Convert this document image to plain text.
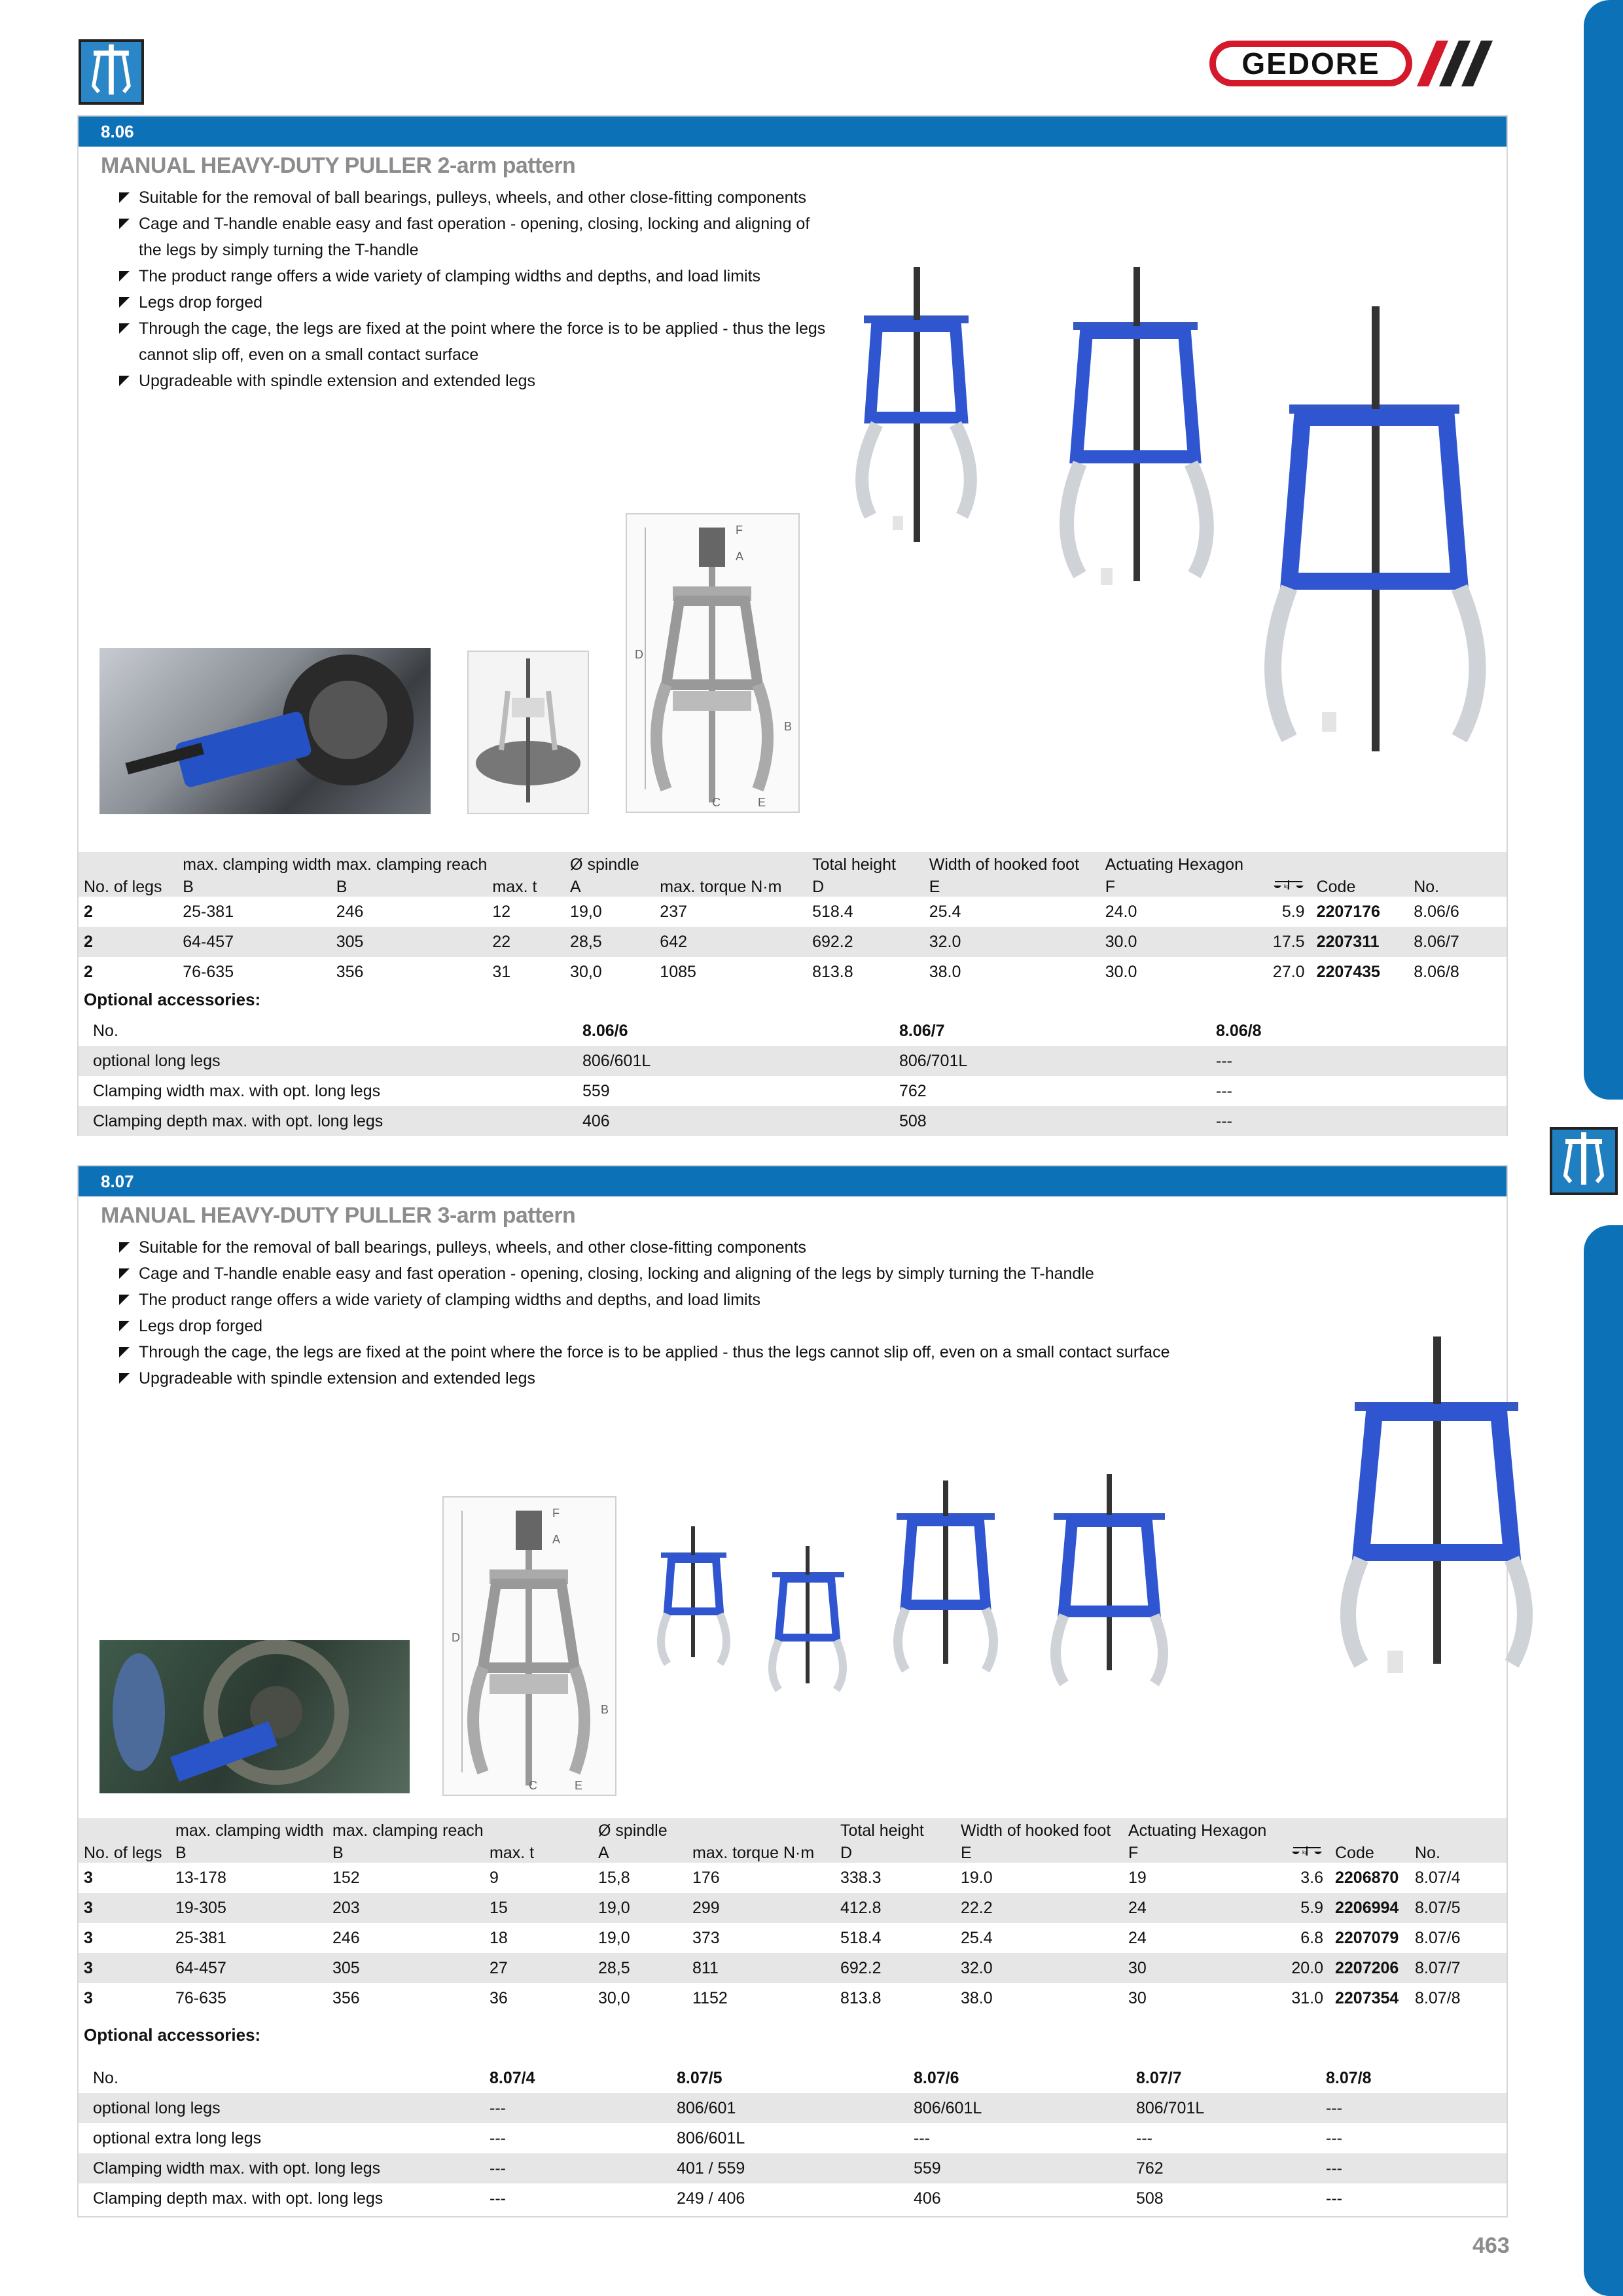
GEDORE
8.06
MANUAL HEAVY-DUTY PULLER 2-arm pattern
Suitable for the removal of ball bearings, pulleys, wheels, and other close-fitting components
Cage and T-handle enable easy and fast operation - opening, closing, locking and aligning of the legs by simply turning the T-handle
The product range offers a wide variety of clamping widths and depths, and load limits
Legs drop forged
Through the cage, the legs are fixed at the point where the force is to be applied - thus the legs cannot slip off, even on a small contact surface
Upgradeable with spindle extension and extended legs
F
A
D
B
C	E
	max. clamping width	max. clamping reach		Ø spindle		Total height	Width of hooked foot	Actuating Hexagon			
No. of legs	B	B	max. t	A	max. torque N·m	D	E	F	kg	Code	No.
2	25-381	246	12	19,0	237	518.4	25.4	24.0	5.9	2207176	8.06/6
2	64-457	305	22	28,5	642	692.2	32.0	30.0	17.5	2207311	8.06/7
2	76-635	356	31	30,0	1085	813.8	38.0	30.0	27.0	2207435	8.06/8
Optional accessories:
No.	8.06/6	8.06/7	8.06/8
optional long legs	806/601L	806/701L	---
Clamping width max. with opt. long legs	559	762	---
Clamping depth max. with opt. long legs	406	508	---
8.07
MANUAL HEAVY-DUTY PULLER 3-arm pattern
Suitable for the removal of ball bearings, pulleys, wheels, and other close-fitting components
Cage and T-handle enable easy and fast operation - opening, closing, locking and aligning of the legs by simply turning the T-handle
The product range offers a wide variety of clamping widths and depths, and load limits
Legs drop forged
Through the cage, the legs are fixed at the point where the force is to be applied - thus the legs cannot slip off, even on a small contact surface
Upgradeable with spindle extension and extended legs
F
A
D
B
C	E
	max. clamping width	max. clamping reach		Ø spindle		Total height	Width of hooked foot	Actuating Hexagon			
No. of legs	B	B	max. t	A	max. torque N·m	D	E	F	kg	Code	No.
3	13-178	152	9	15,8	176	338.3	19.0	19	3.6	2206870	8.07/4
3	19-305	203	15	19,0	299	412.8	22.2	24	5.9	2206994	8.07/5
3	25-381	246	18	19,0	373	518.4	25.4	24	6.8	2207079	8.07/6
3	64-457	305	27	28,5	811	692.2	32.0	30	20.0	2207206	8.07/7
3	76-635	356	36	30,0	1152	813.8	38.0	30	31.0	2207354	8.07/8
Optional accessories:
No.	8.07/4	8.07/5	8.07/6	8.07/7	8.07/8
optional long legs	---	806/601	806/601L	806/701L	---
optional extra long legs	---	806/601L	---	---	---
Clamping width max. with opt. long legs	---	401 / 559	559	762	---
Clamping depth max. with opt. long legs	---	249 / 406	406	508	---
463
